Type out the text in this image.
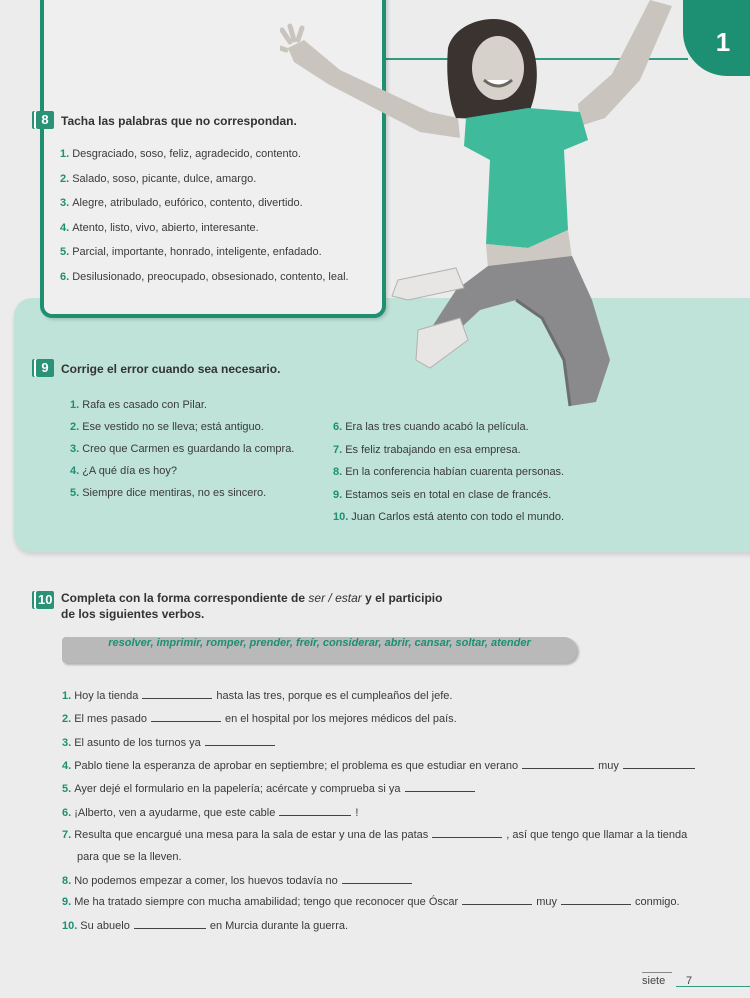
1
8	Tacha las palabras que no correspondan.
1. Desgraciado, soso, feliz, agradecido, contento.
2. Salado, soso, picante, dulce, amargo.
3. Alegre, atribulado, eufórico, contento, divertido.
4. Atento, listo, vivo, abierto, interesante.
5. Parcial, importante, honrado, inteligente, enfadado.
6. Desilusionado, preocupado, obsesionado, contento, leal.
9	Corrige el error cuando sea necesario.
1. Rafa es casado con Pilar.
2. Ese vestido no se lleva; está antiguo.
3. Creo que Carmen es guardando la compra.
4. ¿A qué día es hoy?
5. Siempre dice mentiras, no es sincero.
6. Era las tres cuando acabó la película.
7. Es feliz trabajando en esa empresa.
8. En la conferencia habían cuarenta personas.
9. Estamos seis en total en clase de francés.
10. Juan Carlos está atento con todo el mundo.
10 Completa con la forma correspondiente de ser / estar y el participio
de los siguientes verbos.
resolver, imprimir, romper, prender, freír, considerar, abrir, cansar, soltar, atender
1. Hoy la tienda	hasta las tres, porque es el cumpleaños del jefe.
2. El mes pasado	en el hospital por los mejores médicos del país.
3. El asunto de los turnos ya
4. Pablo tiene la esperanza de aprobar en septiembre; el problema es que estudiar en verano	muy
5. Ayer dejé el formulario en la papelería; acércate y comprueba si ya
6. ¡Alberto, ven a ayudarme, que este cable	!
7. Resulta que encargué una mesa para la sala de estar y una de las patas	, así que tengo que llamar a la tienda
para que se la lleven.
8. No podemos empezar a comer, los huevos todavía no
9. Me ha tratado siempre con mucha amabilidad; tengo que reconocer que Óscar	muy	conmigo.
10. Su abuelo	en Murcia durante la guerra.
siete 7
